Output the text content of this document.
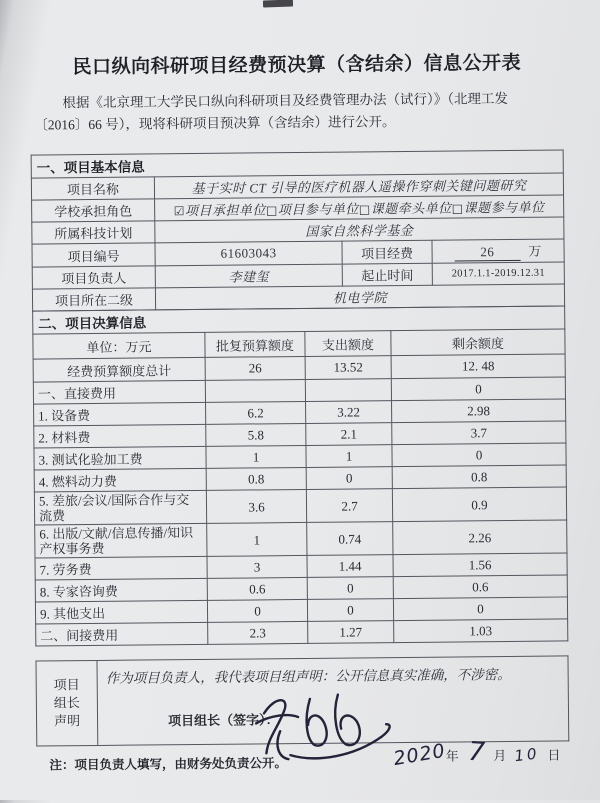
民口纵向科研项目经费预决算（含结余）信息公开表
根据《北京理工大学民口纵向科研项目及经费管理办法（试行）》（北理工发
〔2016〕66 号），现将科研项目预决算（含结余）进行公开。
一、项目基本信息			
项目名称	基于实时 CT 引导的医疗机器人遥操作穿刺关键问题研究		
学校承担角色	☑项目承担单位□项目参与单位□课题牵头单位□课题参与单位		
所属科技计划	国家自然科学基金		
项目编号	61603043	项目经费	26 万
项目负责人	李建玺	起止时间	2017.1.1-2019.12.31
项目所在二级	机电学院		
二、项目决算信息			
单位：万元	批复预算额度	支出额度	剩余额度
经费预算额度总计	26	13.52	12. 48
一、直接费用			0
1. 设备费	6.2	3.22	2.98
2. 材料费	5.8	2.1	3.7
3. 测试化验加工费	1	1	0
4. 燃料动力费	0.8	0	0.8
5. 差旅/会议/国际合作与交流费	3.6	2.7	0.9
6. 出版/文献/信息传播/知识产权事务费	1	0.74	2.26
7. 劳务费	3	1.44	1.56
8. 专家咨询费	0.6	0	0.6
9. 其他支出	0	0	0
二、间接费用	2.3	1.27	1.03
项目
组长
声明

作为项目负责人，我代表项目组声明：公开信息真实准确，不涉密。
项目组长（签字）：
2020年 7 月 10 日
注：项目负责人填写，由财务处负责公开。
